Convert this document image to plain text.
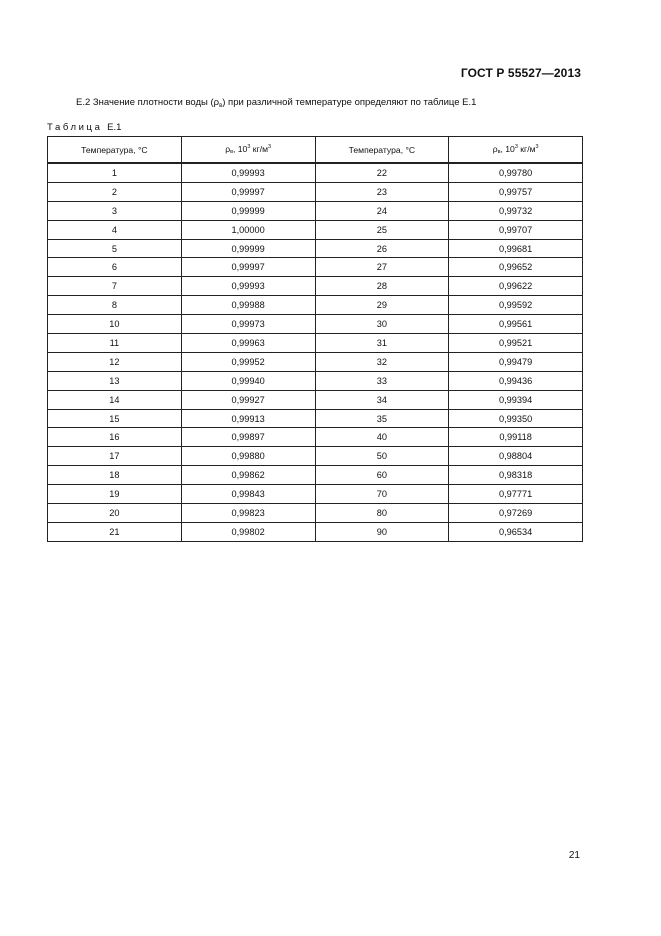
ГОСТ Р 55527—2013
Е.2 Значение плотности воды $(\rho_в)$ при различной температуре определяют по таблице Е.1
Таблица Е.1
Температура, °С	$\rho_в$, $10^3$ $кг/м^3$	Температура, °С	$\rho_в$, $10^3$ $кг/м^3$
1	0,99993	22	0,99780
2	0,99997	23	0,99757
3	0,99999	24	0,99732
4	1,00000	25	0,99707
5	0,99999	26	0,99681
6	0,99997	27	0,99652
7	0,99993	28	0,99622
8	0,99988	29	0,99592
10	0,99973	30	0,99561
11	0,99963	31	0,99521
12	0,99952	32	0,99479
13	0,99940	33	0,99436
14	0,99927	34	0,99394
15	0,99913	35	0,99350
16	0,99897	40	0,99118
17	0,99880	50	0,98804
18	0,99862	60	0,98318
19	0,99843	70	0,97771
20	0,99823	80	0,97269
21	0,99802	90	0,96534
21
